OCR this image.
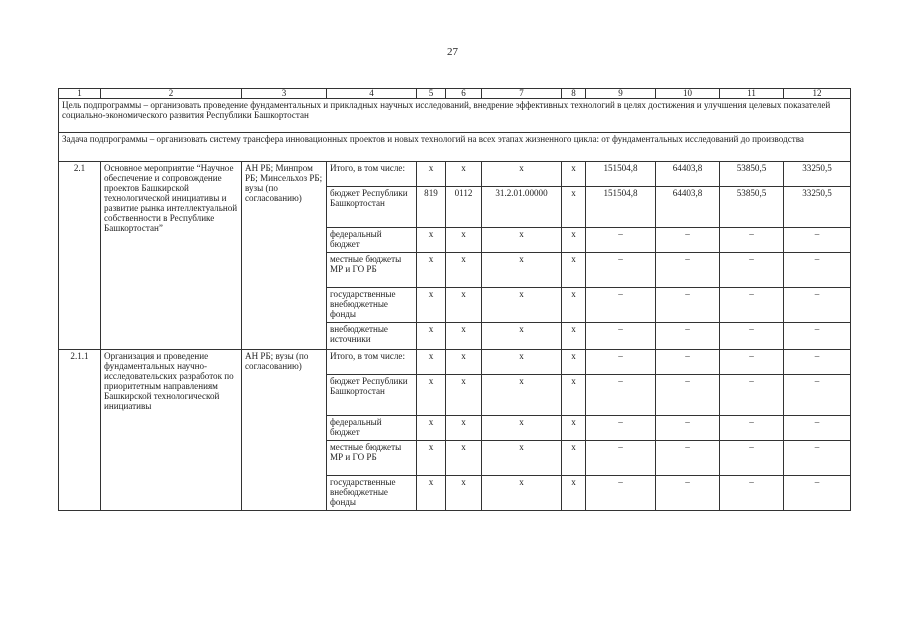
27
1	2	3	4	5	6	7	8	9	10	11	12
Цель подпрограммы – организовать проведение фундаментальных и прикладных научных исследований, внедрение эффективных технологий в целях достижения и улучшения целевых показателей социально-экономического развития Республики Башкортостан											
Задача подпрограммы – организовать систему трансфера инновационных проектов и новых технологий на всех этапах жизненного цикла: от фундаментальных исследований до производства											
2.1	Основное мероприятие “Научное обеспечение и сопровождение проектов Башкирской технологической инициативы и развитие рынка интеллектуальной собственности в Республике Башкортостан”	АН РБ; Минпром РБ; Минсельхоз РБ; вузы (по согласованию)	Итого, в том числе:	x	x	x	x	151504,8	64403,8	53850,5	33250,5
			бюджет Республики Башкортостан	819	0112	31.2.01.00000	x	151504,8	64403,8	53850,5	33250,5
			федеральный бюджет	x	x	x	x	–	–	–	–
			местные бюджеты МР и ГО РБ	x	x	x	x	–	–	–	–
			государственные внебюджетные фонды	x	x	x	x	–	–	–	–
			внебюджетные источники	x	x	x	x	–	–	–	–
2.1.1	Организация и проведение фундаментальных научно-исследовательских разработок по приоритетным направлениям Башкирской технологической инициативы	АН РБ; вузы (по согласованию)	Итого, в том числе:	x	x	x	x	–	–	–	–
			бюджет Республики Башкортостан	x	x	x	x	–	–	–	–
			федеральный бюджет	x	x	x	x	–	–	–	–
			местные бюджеты МР и ГО РБ	x	x	x	x	–	–	–	–
			государственные внебюджетные фонды	x	x	x	x	–	–	–	–
